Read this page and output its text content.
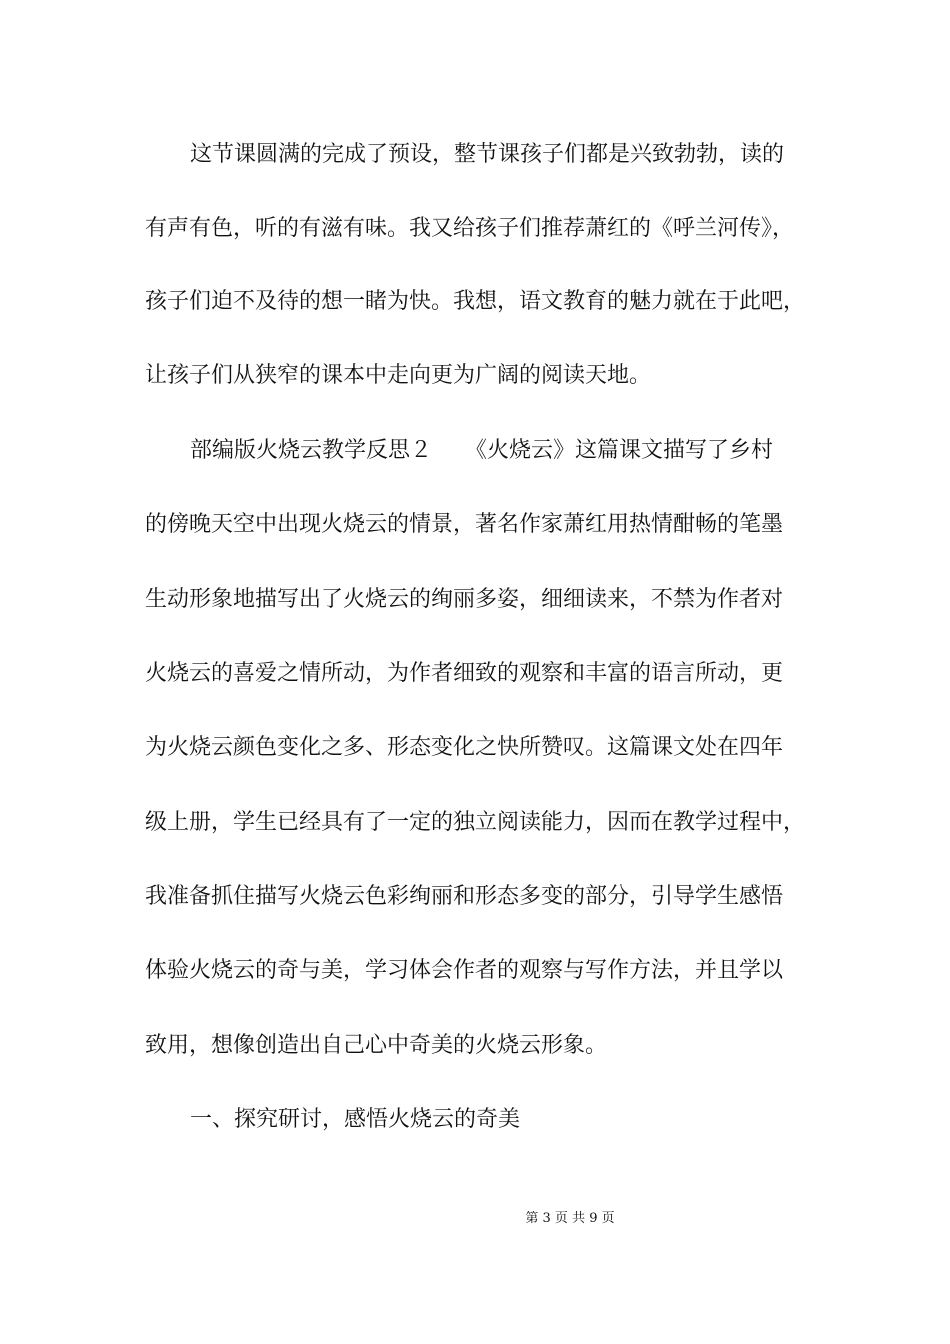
这节课圆满的完成了预设，整节课孩子们都是兴致勃勃，读的
有声有色，听的有滋有味。我又给孩子们推荐萧红的《呼兰河传》，
孩子们迫不及待的想一睹为快。我想，语文教育的魅力就在于此吧，
让孩子们从狭窄的课本中走向更为广阔的阅读天地。
部编版火烧云教学反思２　　《火烧云》这篇课文描写了乡村
的傍晚天空中出现火烧云的情景，著名作家萧红用热情酣畅的笔墨
生动形象地描写出了火烧云的绚丽多姿，细细读来，不禁为作者对
火烧云的喜爱之情所动，为作者细致的观察和丰富的语言所动，更
为火烧云颜色变化之多、形态变化之快所赞叹。这篇课文处在四年
级上册，学生已经具有了一定的独立阅读能力，因而在教学过程中，
我准备抓住描写火烧云色彩绚丽和形态多变的部分，引导学生感悟
体验火烧云的奇与美，学习体会作者的观察与写作方法，并且学以
致用，想像创造出自己心中奇美的火烧云形象。
一、探究研讨，感悟火烧云的奇美
第 3 页 共 9 页
